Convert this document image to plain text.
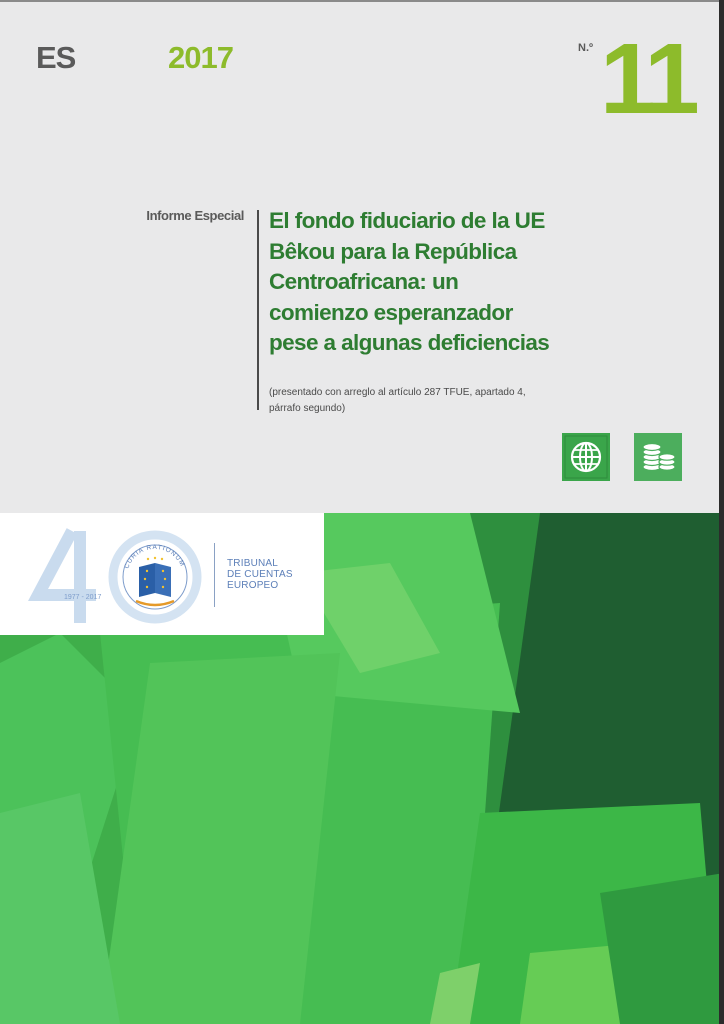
ES	2017	N.º 11
Informe Especial El fondo fiduciario de la UE
Bêkou para la República
Centroafricana: un
comienzo esperanzador
pese a algunas deficiencias
(presentado con arreglo al artículo 287 TFUE, apartado 4,
párrafo segundo)
CURIA RATIONUM
1977 - 2017
TRIBUNAL
DE CUENTAS
EUROPEO
